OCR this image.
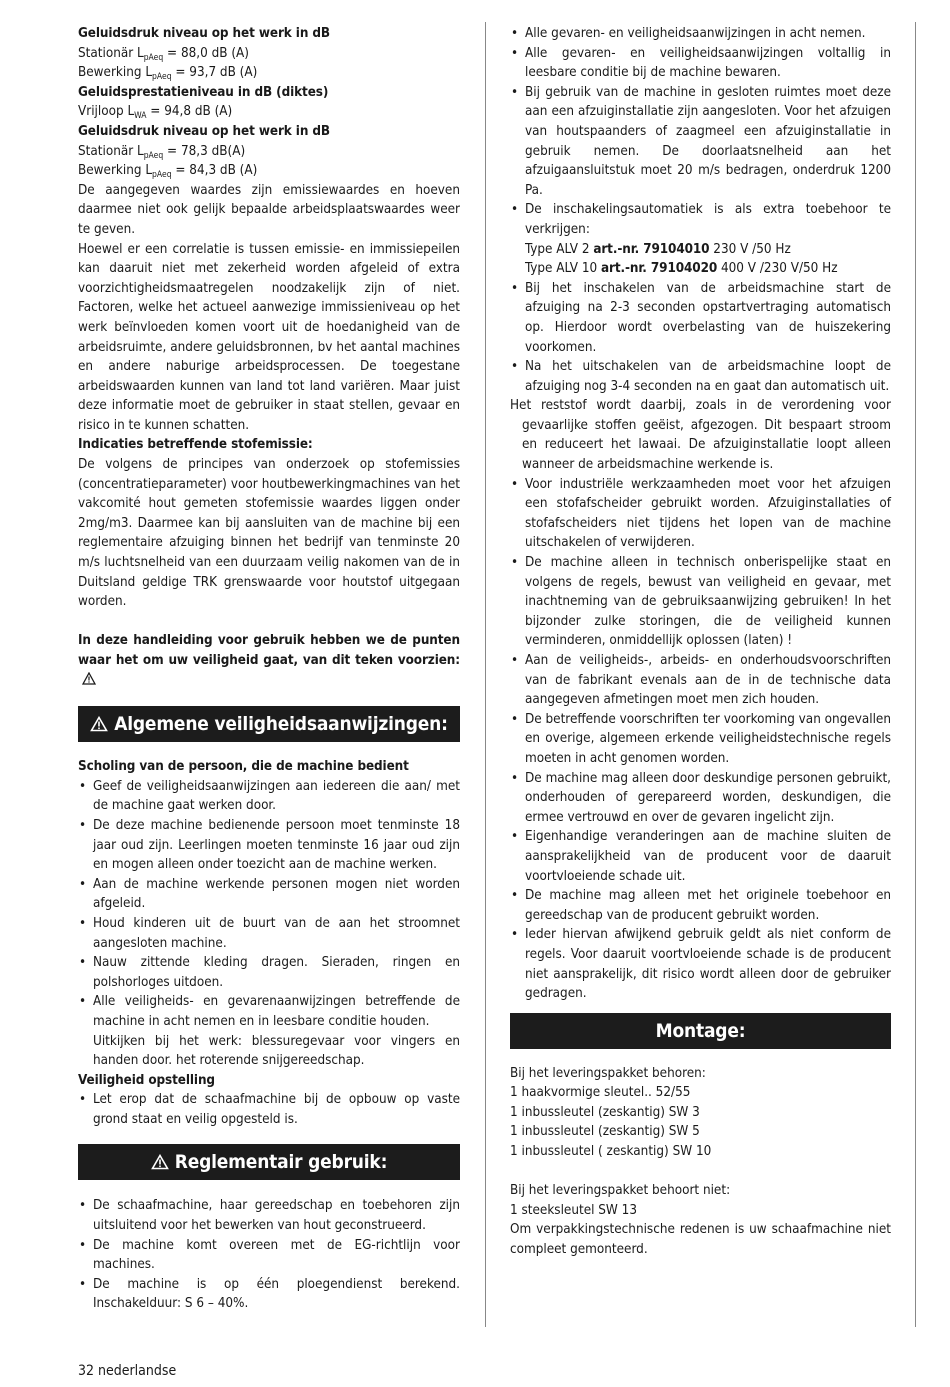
Geluidsdruk niveau op het werk in dB

Stationär $L_{pAeq} = 88,0$ dB (A)

Bewerking $L_{pAeq} = 93,7$ dB (A)

Geluidsprestatieniveau in dB (diktes)

Vrijloop $L_{WA} = 94,8$ dB (A)

Geluidsdruk niveau op het werk in dB

Stationär $L_{pAeq} = 78,3$ dB(A)

Bewerking $L_{pAeq} = 84,3$ dB (A)

De aangegeven waardes zijn emissiewaardes en hoeven daarmee niet ook gelijk bepaalde arbeidsplaatswaardes weer te geven.

Hoewel er een correlatie is tussen emissie- en immissiepeilen kan daaruit niet met zekerheid worden afgeleid of extra voorzichtigheidsmaatregelen noodzakelijk zijn of niet. Factoren, welke het actueel aanwezige immissieniveau op het werk beïnvloeden komen voort uit de hoedanigheid van de arbeidsruimte, andere geluidsbronnen, bv het aantal machines en andere naburige arbeidsprocessen. De toegestane arbeidswaarden kunnen van land tot land variëren. Maar juist deze informatie moet de gebruiker in staat stellen, gevaar en risico in te kunnen schatten.

Indicaties betreffende stofemissie:

De volgens de principes van onderzoek op stofemissies (concentratieparameter) voor houtbewerkingmachines van het vakcomité hout gemeten stofemissie waardes liggen onder 2mg/m3. Daarmee kan bij aansluiten van de machine bij een reglementaire afzuiging binnen het bedrijf van tenminste 20 m/s luchtsnelheid van een duurzaam veilig nakomen van de in Duitsland geldige TRK grenswaarde voor houtstof uitgegaan worden.

In deze handleiding voor gebruik hebben we de punten waar het om uw veiligheid gaat, van dit teken voorzien:

Algemene veiligheidsaanwijzingen:

Scholing van de persoon, die de machine bedient

• Geef de veiligheidsaanwijzingen aan iedereen die aan/ met de machine gaat werken door.
• De deze machine bedienende persoon moet tenminste 18 jaar oud zijn. Leerlingen moeten tenminste 16 jaar oud zijn en mogen alleen onder toezicht aan de machine werken.
• Aan de machine werkende personen mogen niet worden afgeleid.
• Houd kinderen uit de buurt van de aan het stroomnet aangesloten machine.
• Nauw zittende kleding dragen. Sieraden, ringen en polshorloges uitdoen.
• Alle veiligheids- en gevarenaanwijzingen betreffende de machine in acht nemen en in leesbare conditie houden.
Uitkijken bij het werk: blessuregevaar voor vingers en handen door. het roterende snijgereedschap.

Veiligheid opstelling

• Let erop dat de schaafmachine bij de opbouw op vaste grond staat en veilig opgesteld is.
Reglementair gebruik:
• De schaafmachine, haar gereedschap en toebehoren zijn uitsluitend voor het bewerken van hout geconstrueerd.
• De machine komt overeen met de EG-richtlijn voor machines.
• De machine is op één ploegendienst berekend. Inschakelduur: S 6 – 40%.
• Alle gevaren- en veiligheidsaanwijzingen in acht nemen.
• Alle gevaren- en veiligheidsaanwijzingen voltallig in leesbare conditie bij de machine bewaren.
• Bij gebruik van de machine in gesloten ruimtes moet deze aan een afzuiginstallatie zijn aangesloten. Voor het afzuigen van houtspaanders of zaagmeel een afzuiginstallatie in gebruik nemen. De doorlaatsnelheid aan het afzuigaansluitstuk moet 20 m/s bedragen, onderdruk 1200 Pa.
• De inschakelingsautomatiek is als extra toebehoor te verkrijgen:
Type ALV 2 art.-nr. 79104010 230 V /50 Hz
Type ALV 10 art.-nr. 79104020 400 V /230 V/50 Hz
• Bij het inschakelen van de arbeidsmachine start de afzuiging na 2-3 seconden opstartvertraging automatisch op. Hierdoor wordt overbelasting van de huiszekering voorkomen.
• Na het uitschakelen van de arbeidsmachine loopt de afzuiging nog 3-4 seconden na en gaat dan automatisch uit.

Het reststof wordt daarbij, zoals in de verordening voor gevaarlijke stoffen geëist, afgezogen. Dit bespaart stroom en reduceert het lawaai. De afzuiginstallatie loopt alleen wanneer de arbeidsmachine werkende is.

• Voor industriële werkzaamheden moet voor het afzuigen een stofafscheider gebruikt worden. Afzuiginstallaties of stofafscheiders niet tijdens het lopen van de machine uitschakelen of verwijderen.
• De machine alleen in technisch onberispelijke staat en volgens de regels, bewust van veiligheid en gevaar, met inachtneming van de gebruiksaanwijzing gebruiken! In het bijzonder zulke storingen, die de veiligheid kunnen verminderen, onmiddellijk oplossen (laten) !
• Aan de veiligheids-, arbeids- en onderhoudsvoorschriften van de fabrikant evenals aan de in de technische data aangegeven afmetingen moet men zich houden.
• De betreffende voorschriften ter voorkoming van ongevallen en overige, algemeen erkende veiligheidstechnische regels moeten in acht genomen worden.
• De machine mag alleen door deskundige personen gebruikt, onderhouden of gerepareerd worden, deskundigen, die ermee vertrouwd en over de gevaren ingelicht zijn.
• Eigenhandige veranderingen aan de machine sluiten de aansprakelijkheid van de producent voor de daaruit voortvloeiende schade uit.
• De machine mag alleen met het originele toebehoor en gereedschap van de producent gebruikt worden.
• Ieder hiervan afwijkend gebruik geldt als niet conform de regels. Voor daaruit voortvloeiende schade is de producent niet aansprakelijk, dit risico wordt alleen door de gebruiker gedragen.
Montage:

Bij het leveringspakket behoren:

1 haakvormige sleutel.. 52/55

1 inbussleutel (zeskantig) SW 3

1 inbussleutel (zeskantig) SW 5

1 inbussleutel ( zeskantig) SW 10

Bij het leveringspakket behoort niet:

1 steeksleutel SW 13

Om verpakkingstechnische redenen is uw schaafmachine niet compleet gemonteerd.

32 nederlandse
